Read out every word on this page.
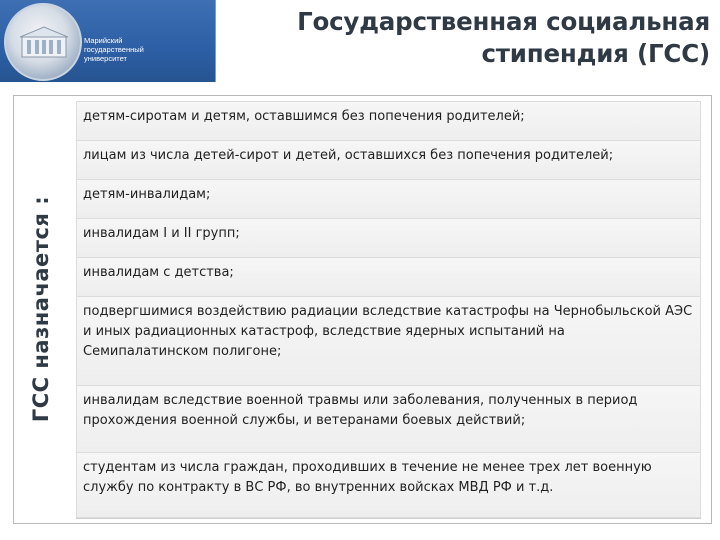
Марийский
государственный
университет
Государственная социальная
стипендия (ГСС)
ГСС назначается :
детям-сиротам и детям, оставшимся без попечения родителей;
лицам из числа детей-сирот и детей, оставшихся без попечения родителей;
детям-инвалидам;
инвалидам I и II групп;
инвалидам с детства;
подвергшимися воздействию радиации вследствие катастрофы на Чернобыльской АЭС и иных радиационных катастроф, вследствие ядерных испытаний на Семипалатинском полигоне;
инвалидам вследствие военной травмы или заболевания, полученных в период прохождения военной службы, и ветеранами боевых действий;
студентам из числа граждан, проходивших в течение не менее трех лет военную службу по контракту в ВС РФ, во внутренних войсках МВД РФ и т.д.
